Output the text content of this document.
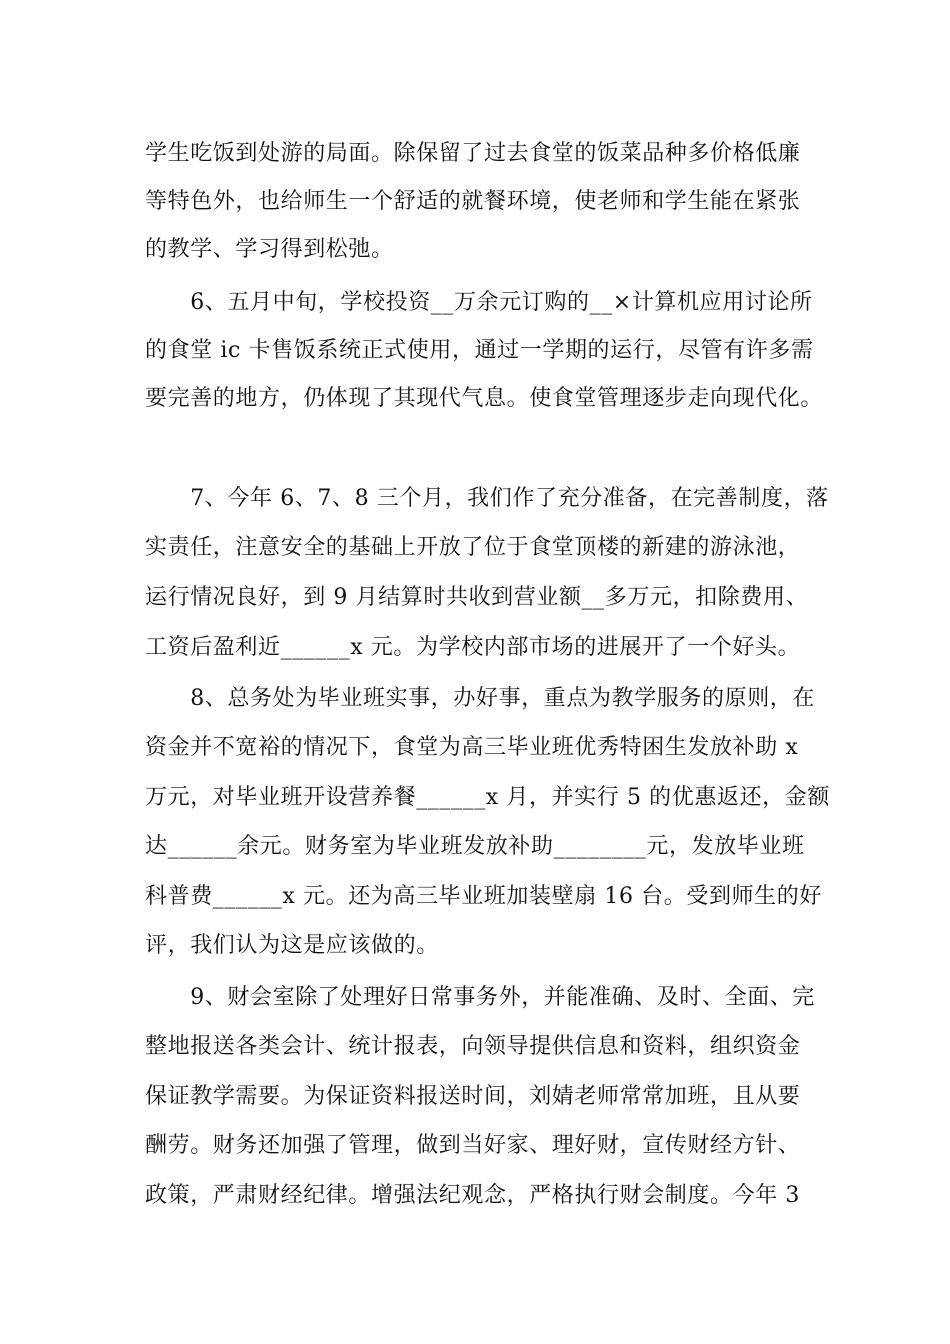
学生吃饭到处游的局面。除保留了过去食堂的饭菜品种多价格低廉
等特色外，也给师生一个舒适的就餐环境，使老师和学生能在紧张
的教学、学习得到松弛。
　　6、五月中旬，学校投资__万余元订购的__×计算机应用讨论所
的食堂 ic 卡售饭系统正式使用，通过一学期的运行，尽管有许多需
要完善的地方，仍体现了其现代气息。使食堂管理逐步走向现代化。
　　7、今年 6、7、8 三个月，我们作了充分准备，在完善制度，落
实责任，注意安全的基础上开放了位于食堂顶楼的新建的游泳池，
运行情况良好，到 9 月结算时共收到营业额__多万元，扣除费用、
工资后盈利近______x 元。为学校内部市场的进展开了一个好头。
　　8、总务处为毕业班实事，办好事，重点为教学服务的原则，在
资金并不宽裕的情况下，食堂为高三毕业班优秀特困生发放补助 x
万元，对毕业班开设营养餐______x 月，并实行 5 的优惠返还，金额
达______余元。财务室为毕业班发放补助________元，发放毕业班
科普费______x 元。还为高三毕业班加装壁扇 16 台。受到师生的好
评，我们认为这是应该做的。
　　9、财会室除了处理好日常事务外，并能准确、及时、全面、完
整地报送各类会计、统计报表，向领导提供信息和资料，组织资金
保证教学需要。为保证资料报送时间，刘婧老师常常加班，且从要
酬劳。财务还加强了管理，做到当好家、理好财，宣传财经方针、
政策，严肃财经纪律。增强法纪观念，严格执行财会制度。今年 3
